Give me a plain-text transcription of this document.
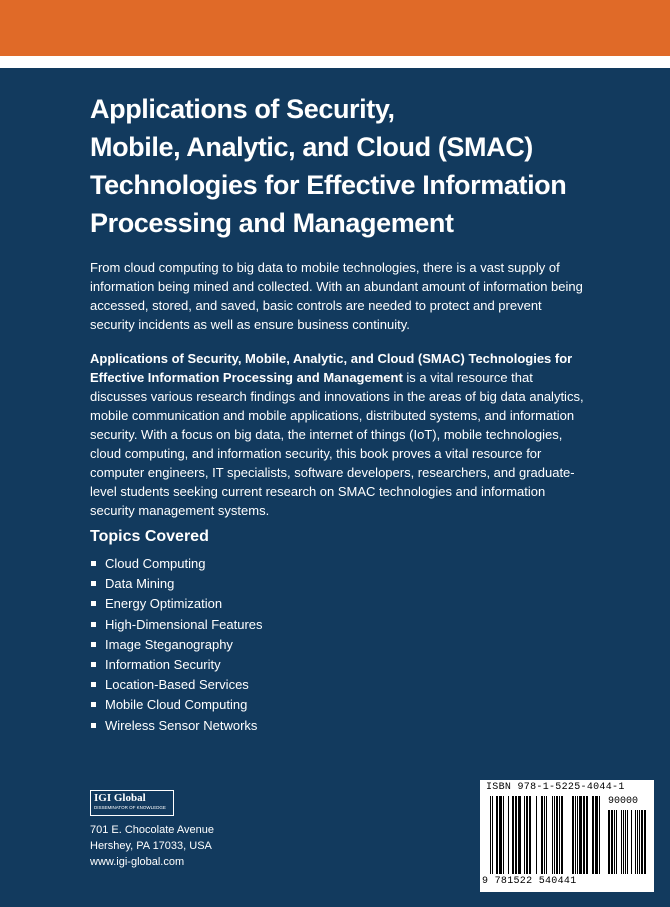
Applications of Security,
Mobile, Analytic, and Cloud (SMAC)
Technologies for Effective Information
Processing and Management

From cloud computing to big data to mobile technologies, there is a vast supply of information being mined and collected. With an abundant amount of information being accessed, stored, and saved, basic controls are needed to protect and prevent security incidents as well as ensure business continuity.

Applications of Security, Mobile, Analytic, and Cloud (SMAC) Technologies for Effective Information Processing and Management is a vital resource that discusses various research findings and innovations in the areas of big data analytics, mobile communication and mobile applications, distributed systems, and information security. With a focus on big data, the internet of things (IoT), mobile technologies, cloud computing, and information security, this book proves a vital resource for computer engineers, IT specialists, software developers, researchers, and graduate-level students seeking current research on SMAC technologies and information security management systems.

Topics Covered
Cloud Computing
Data Mining
Energy Optimization
High-Dimensional Features
Image Steganography
Information Security
Location-Based Services
Mobile Cloud Computing
Wireless Sensor Networks
IGI Global
DISSEMINATOR OF KNOWLEDGE
701 E. Chocolate Avenue
Hershey, PA 17033, USA
www.igi-global.com
ISBN 978-1-5225-4044-1
90000
9 781522 540441
